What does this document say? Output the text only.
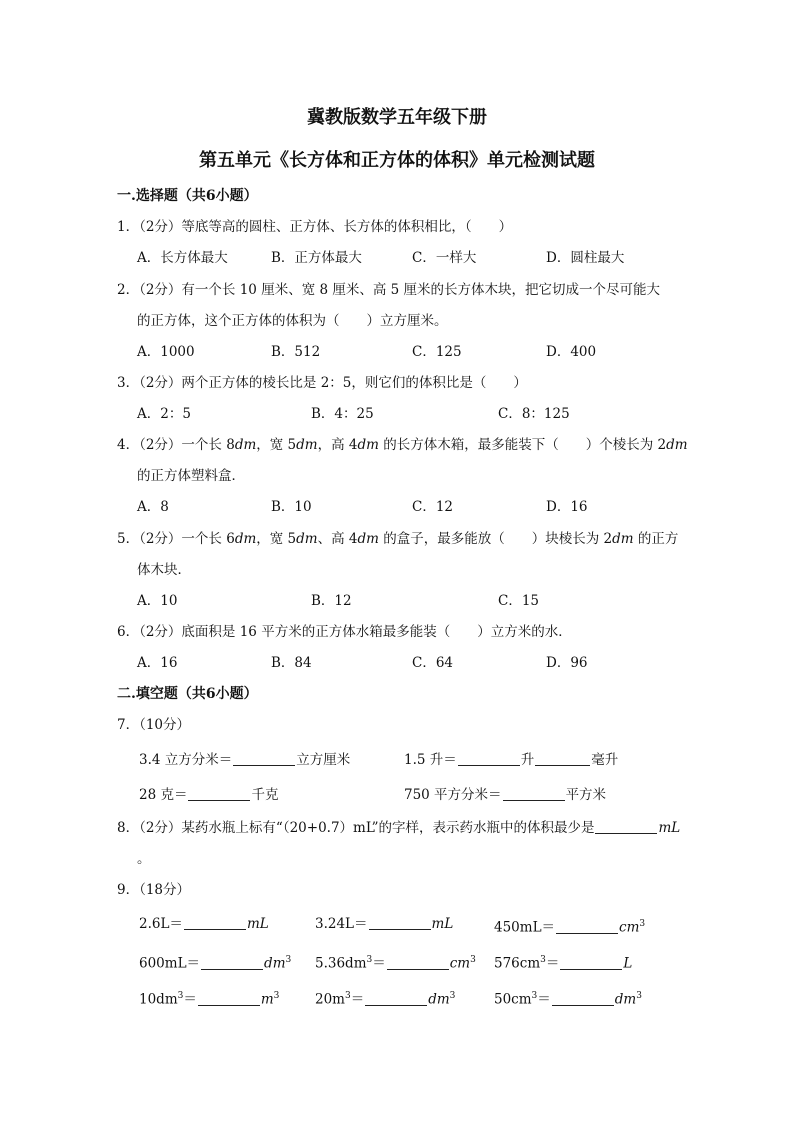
冀教版数学五年级下册
第五单元《长方体和正方体的体积》单元检测试题
一.选择题（共6小题）
1．（2分）等底等高的圆柱、正方体、长方体的体积相比，（　　）
A．长方体最大	B．正方体最大	C．一样大	D．圆柱最大
2．（2分）有一个长 10 厘米、宽 8 厘米、高 5 厘米的长方体木块，把它切成一个尽可能大
的正方体，这个正方体的体积为（　　）立方厘米。
A．1000	B．512	C．125	D．400
3．（2分）两个正方体的棱长比是 2：5，则它们的体积比是（　　）
A．2：5	B．4：25	C．8：125
4．（2分）一个长 8dm，宽 5dm，高 4dm 的长方体木箱，最多能装下（　　）个棱长为 2dm
的正方体塑料盒．
A．8	B．10	C．12	D．16
5．（2分）一个长 6dm，宽 5dm、高 4dm 的盒子，最多能放（　　）块棱长为 2dm 的正方
体木块．
A．10	B．12	C．15
6．（2分）底面积是 16 平方米的正方体水箱最多能装（　　）立方米的水．
A．16	B．84	C．64	D．96
二.填空题（共6小题）
7．（10分）
3.4 立方分米＝	立方厘米	1.5 升＝	升	毫升
28 克＝	千克	750 平方分米＝	平方米
8．（2分）某药水瓶上标有“（20+0.7）mL”的字样，表示药水瓶中的体积最少是	mL
。
9．（18分）
2.6L＝	mL	3.24L＝	mL	450mL＝	$cm^3$
600mL＝	$dm^3$ $5.36dm^3=$	$cm^3$ $576cm^3=$	L
$10dm^3=$	$m^3$	$20m^3=$	$dm^3$	$50cm^3=$	$dm^3$
